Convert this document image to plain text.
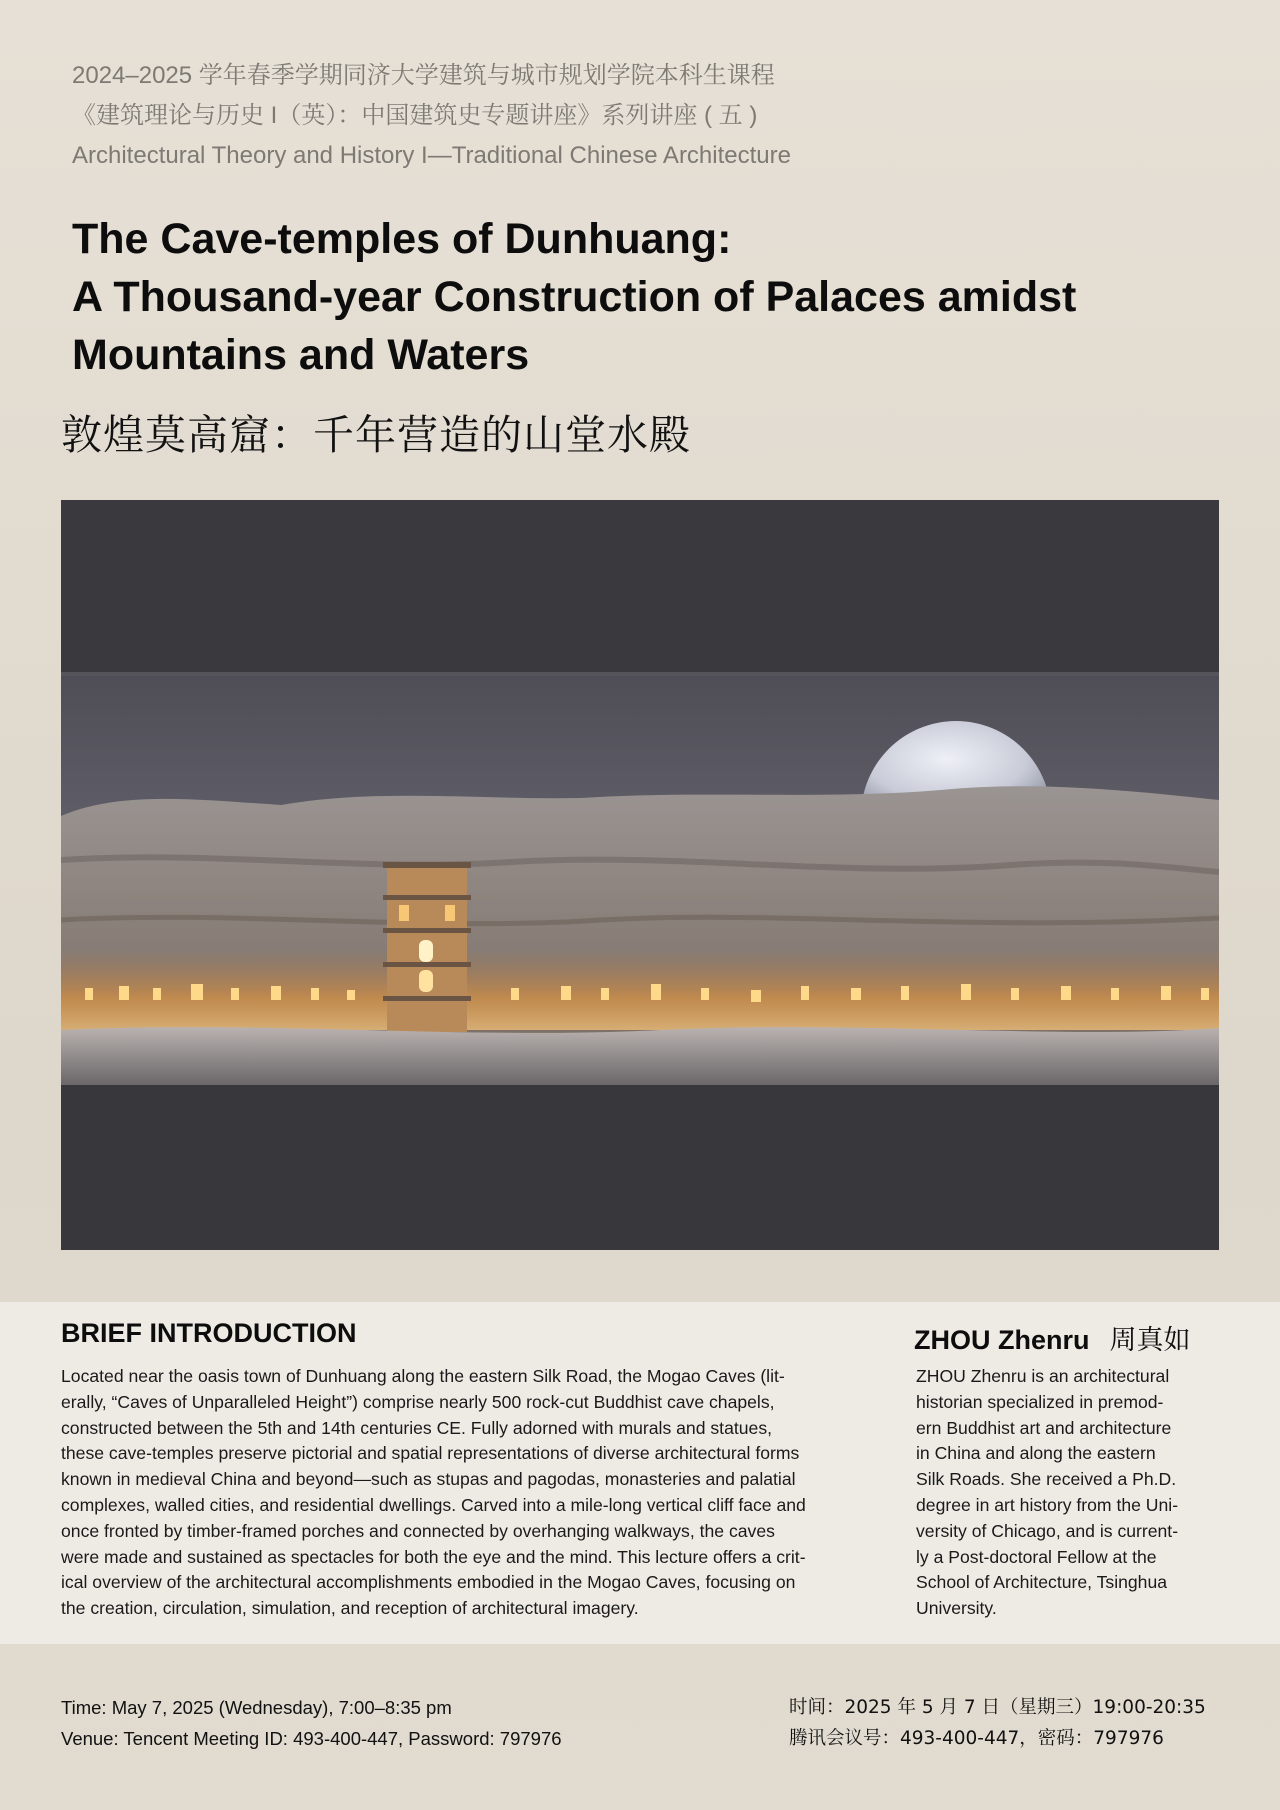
2024–2025 学年春季学期同济大学建筑与城市规划学院本科生课程
《建筑理论与历史 I（英）：中国建筑史专题讲座》系列讲座 ( 五 )
Architectural Theory and History I—Traditional Chinese Architecture
The Cave-temples of Dunhuang:
A Thousand-year Construction of Palaces amidst
Mountains and Waters
敦煌莫高窟：千年营造的山堂水殿
BRIEF INTRODUCTION
Located near the oasis town of Dunhuang along the eastern Silk Road, the Mogao Caves (lit-
erally, “Caves of Unparalleled Height”) comprise nearly 500 rock-cut Buddhist cave chapels,
constructed between the 5th and 14th centuries CE. Fully adorned with murals and statues,
these cave-temples preserve pictorial and spatial representations of diverse architectural forms
known in medieval China and beyond—such as stupas and pagodas, monasteries and palatial
complexes, walled cities, and residential dwellings. Carved into a mile-long vertical cliff face and
once fronted by timber-framed porches and connected by overhanging walkways, the caves
were made and sustained as spectacles for both the eye and the mind. This lecture offers a crit-
ical overview of the architectural accomplishments embodied in the Mogao Caves, focusing on
the creation, circulation, simulation, and reception of architectural imagery.
ZHOU Zhenru 周真如
ZHOU Zhenru is an architectural
historian specialized in premod-
ern Buddhist art and architecture
in China and along the eastern
Silk Roads. She received a Ph.D.
degree in art history from the Uni-
versity of Chicago, and is current-
ly a Post-doctoral Fellow at the
School of Architecture, Tsinghua
University.
Time: May 7, 2025 (Wednesday), 7:00–8:35 pm
Venue: Tencent Meeting ID: 493-400-447, Password: 797976
时间：2025 年 5 月 7 日（星期三）19:00-20:35
腾讯会议号：493-400-447，密码：797976
